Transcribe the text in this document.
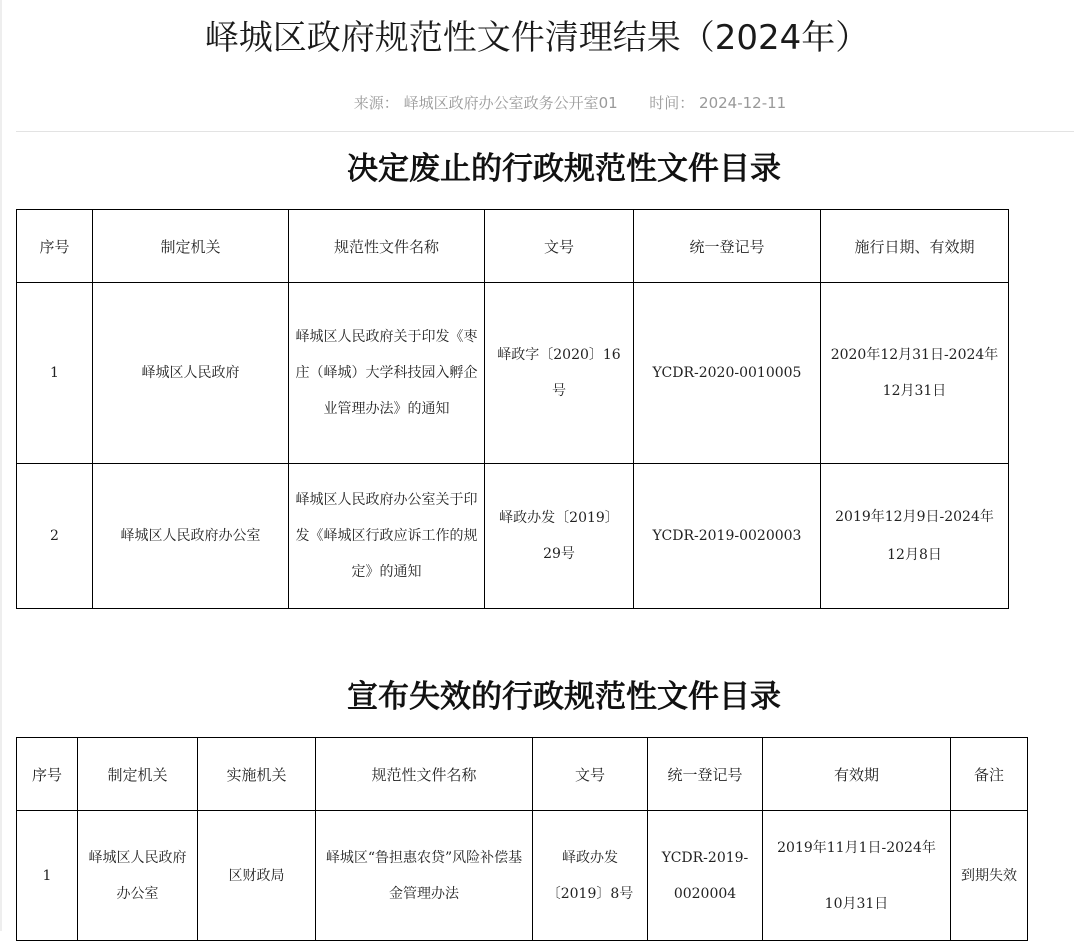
峄城区政府规范性文件清理结果（2024年）
来源： 峄城区政府办公室政务公开室01 时间： 2024-12-11
决定废止的行政规范性文件目录
序号	制定机关	规范性文件名称	文号	统一登记号	施行日期、有效期
1	峄城区人民政府	峄城区人民政府关于印发《枣庄（峄城）大学科技园入孵企业管理办法》的通知	峄政字〔2020〕16号	YCDR-2020-0010005	2020年12月31日-2024年12月31日
2	峄城区人民政府办公室	峄城区人民政府办公室关于印发《峄城区行政应诉工作的规定》的通知	峄政办发〔2019〕29号	YCDR-2019-0020003	2019年12月9日-2024年12月8日
宣布失效的行政规范性文件目录
序号	制定机关	实施机关	规范性文件名称	文号	统一登记号	有效期	备注
1	峄城区人民政府办公室	区财政局	峄城区“鲁担惠农贷”风险补偿基金管理办法	峄政办发〔2019〕8号	YCDR-2019-0020004	2019年11月1日-2024年10月31日	到期失效
